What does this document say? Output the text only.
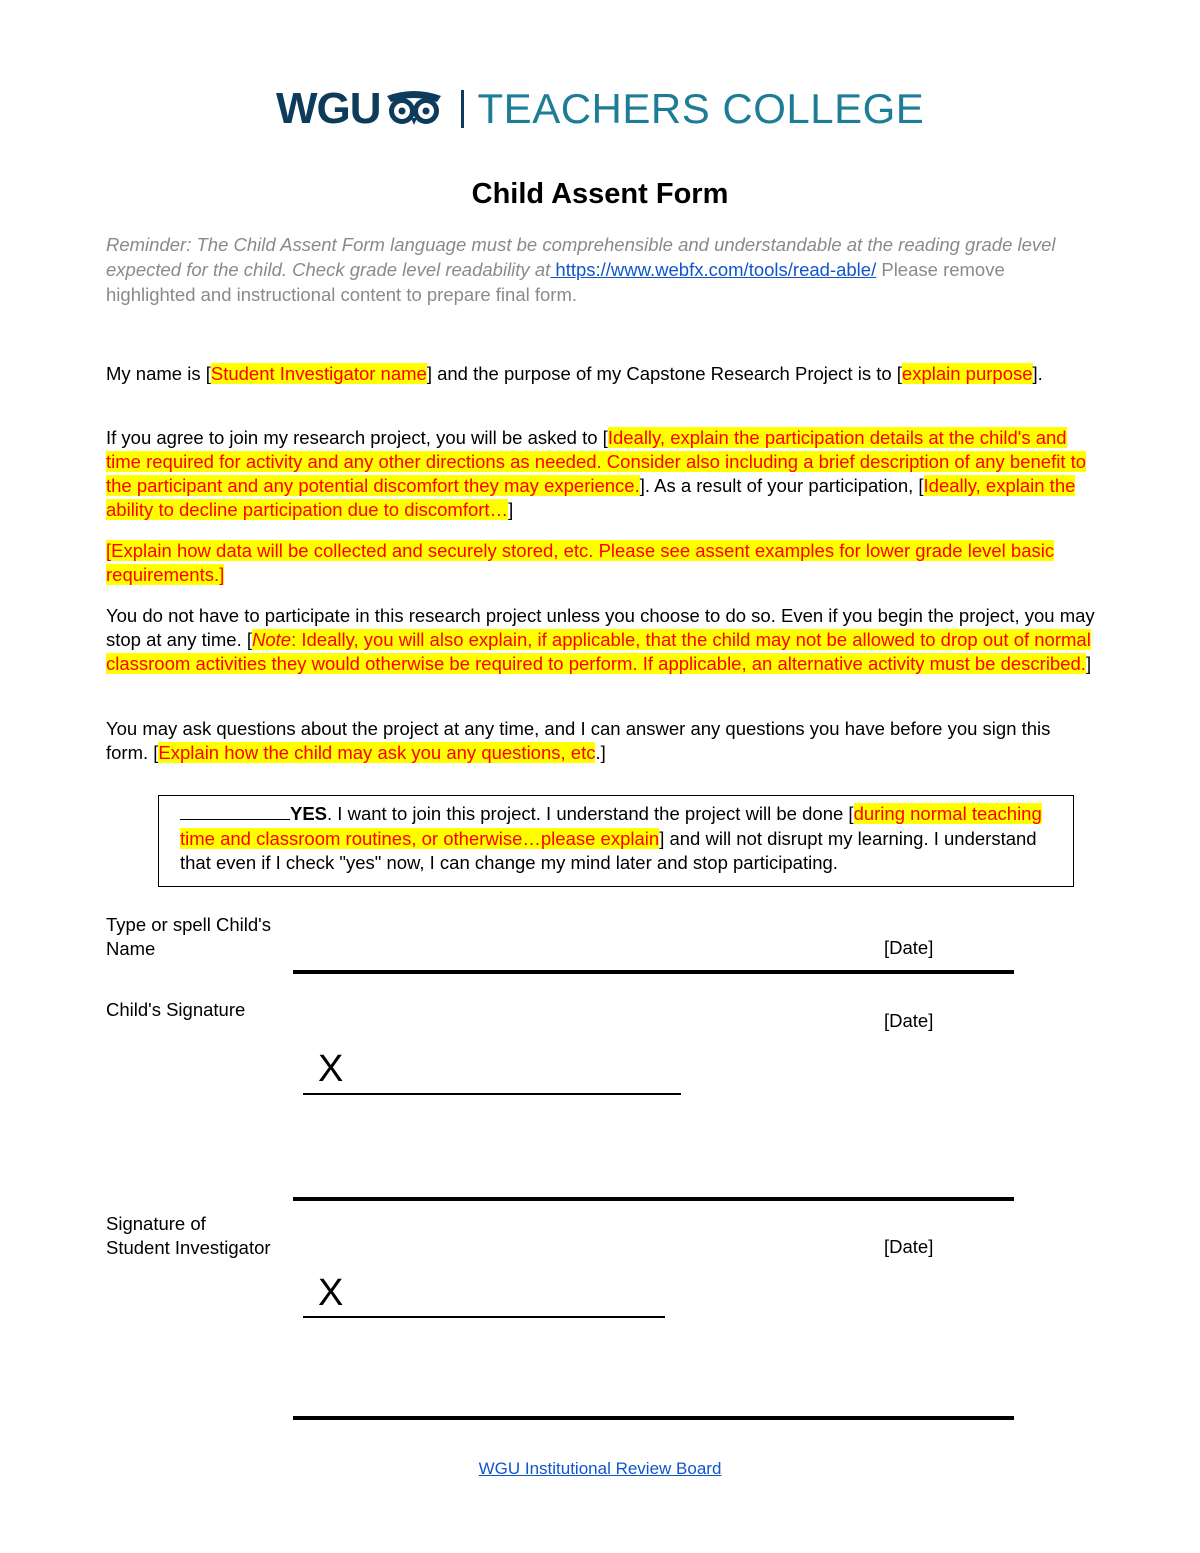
WGU TEACHERS COLLEGE
Child Assent Form
Reminder: The Child Assent Form language must be comprehensible and understandable at the reading grade level expected for the child. Check grade level readability at https://www.webfx.com/tools/read-able/ Please remove highlighted and instructional content to prepare final form.
My name is [Student Investigator name] and the purpose of my Capstone Research Project is to [explain purpose].
If you agree to join my research project, you will be asked to [Ideally, explain the participation details at the child's and time required for activity and any other directions as needed. Consider also including a brief description of any benefit to the participant and any potential discomfort they may experience.]. As a result of your participation, [Ideally, explain the ability to decline participation due to discomfort…]
[Explain how data will be collected and securely stored, etc. Please see assent examples for lower grade level basic requirements.]
You do not have to participate in this research project unless you choose to do so. Even if you begin the project, you may stop at any time. [Note: Ideally, you will also explain, if applicable, that the child may not be allowed to drop out of normal classroom activities they would otherwise be required to perform. If applicable, an alternative activity must be described.]
You may ask questions about the project at any time, and I can answer any questions you have before you sign this form. [Explain how the child may ask you any questions, etc.]
YES. I want to join this project. I understand the project will be done [during normal teaching time and classroom routines, or otherwise…please explain] and will not disrupt my learning. I understand that even if I check "yes" now, I can change my mind later and stop participating.
Type or spell Child's
Name	[Date]
Child's Signature
[Date]
X
Signature of
Student Investigator	[Date]
X
WGU Institutional Review Board
